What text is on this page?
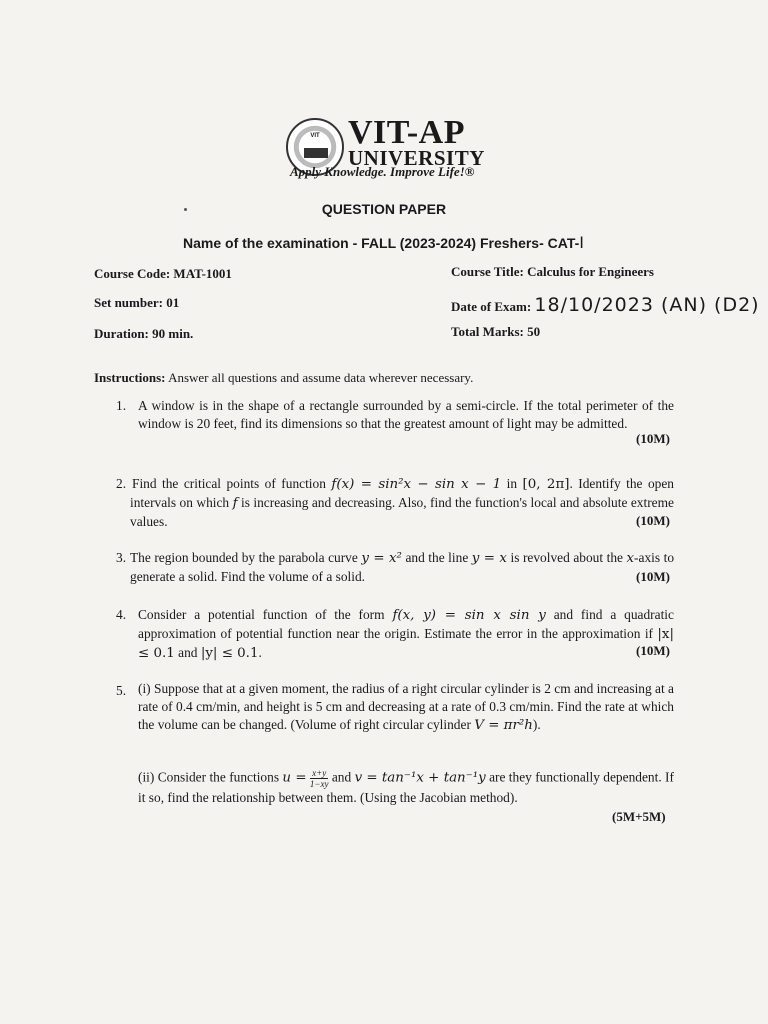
VIT VIT-AP
UNIVERSITY
Apply Knowledge. Improve Life!®
QUESTION PAPER
Name of the examination - FALL (2023-2024) Freshers- CAT-I
Course Code: MAT-1001	Course Title: Calculus for Engineers
Set number: 01	Date of Exam: 18/10/2023 (AN) (D2)
Duration: 90 min.	Total Marks: 50
Instructions: Answer all questions and assume data wherever necessary.
1. A window is in the shape of a rectangle surrounded by a semi-circle. If the total perimeter of the window is 20 feet, find its dimensions so that the greatest amount of light may be admitted.
(10M)
2. Find the critical points of function f(x) = sin²x − sin x − 1 in [0, 2π]. Identify the open intervals on which f is increasing and decreasing. Also, find the function's local and absolute extreme values.	(10M)
3. The region bounded by the parabola curve y = x² and the line y = x is revolved about the x-axis to generate a solid. Find the volume of a solid.	(10M)
4. Consider a potential function of the form f(x, y) = sin x sin y and find a quadratic approximation of potential function near the origin. Estimate the error in the approximation if |x| ≤ 0.1 and |y| ≤ 0.1.	(10M)
5. (i) Suppose that at a given moment, the radius of a right circular cylinder is 2 cm and increasing at a rate of 0.4 cm/min, and height is 5 cm and decreasing at a rate of 0.3 cm/min. Find the rate at which the volume can be changed. (Volume of right circular cylinder V = πr²h).
(ii) Consider the functions $u = \frac{x+y}{1-xy}$ and v = tan⁻¹x + tan⁻¹y are they functionally dependent. If it so, find the relationship between them. (Using the Jacobian method).
(5M+5M)
